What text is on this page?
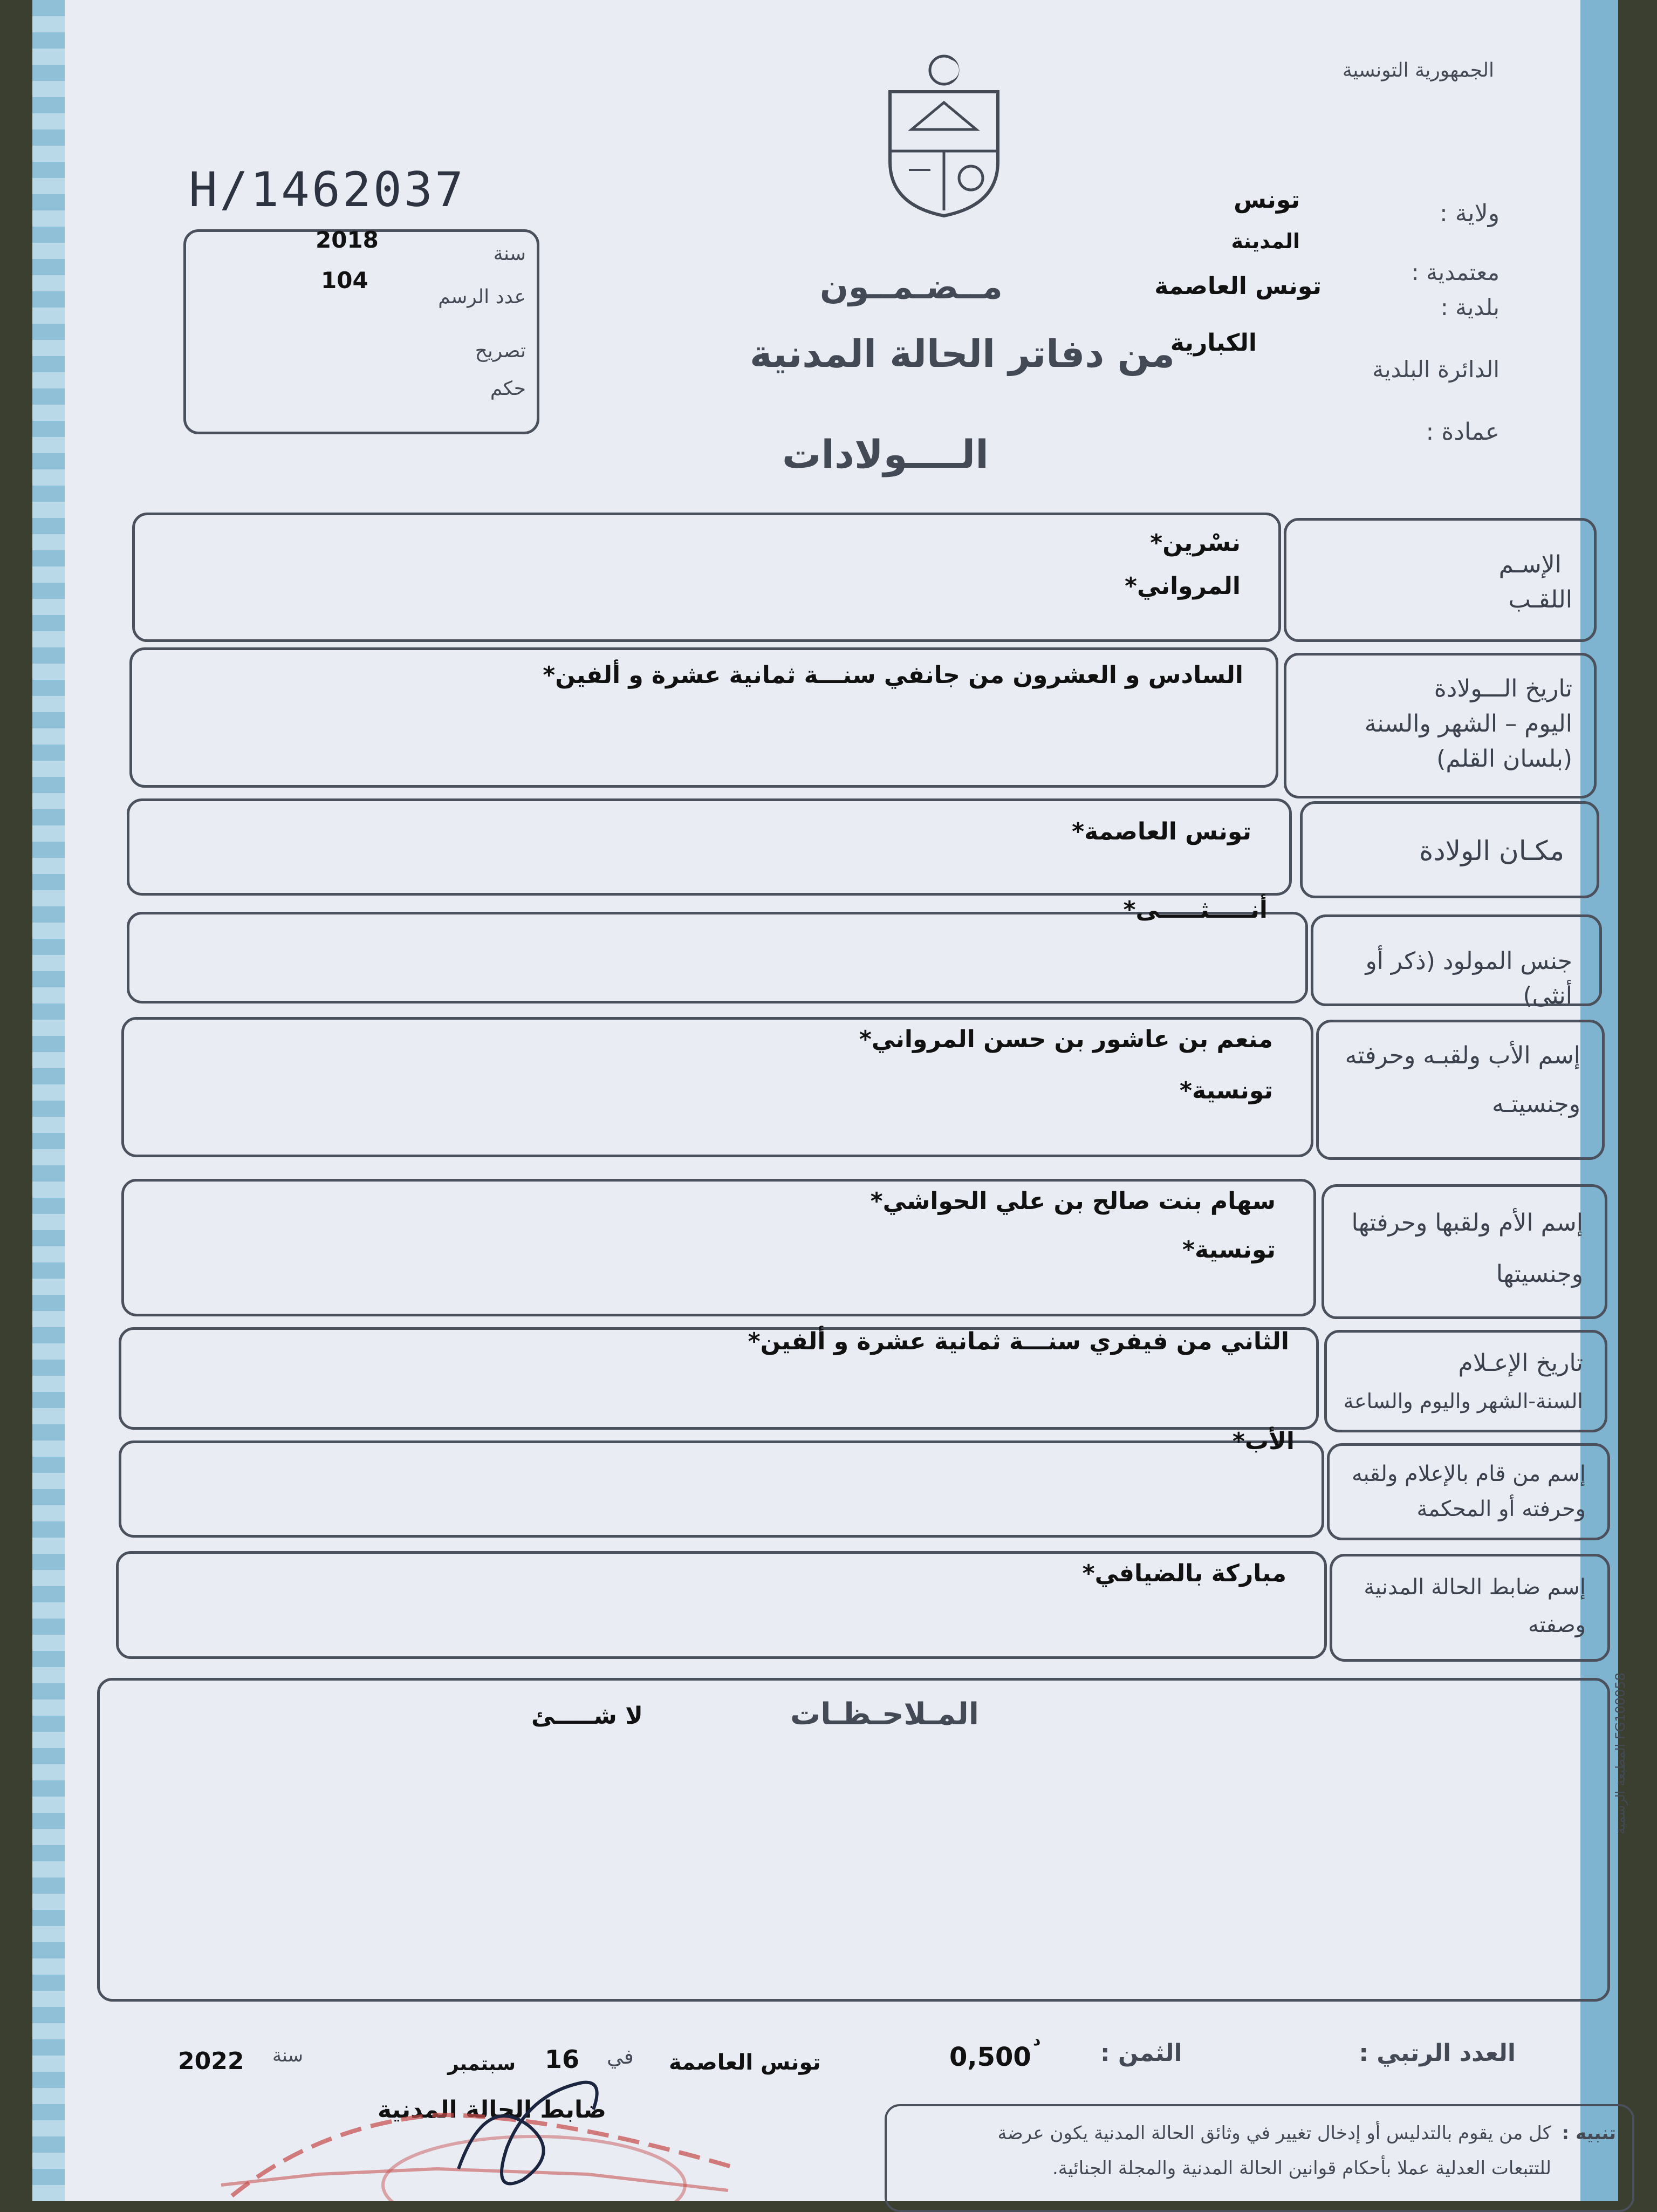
الجمهورية التونسية
H/1462037
2018
سنة
104
عدد الرسم
تصريح
حكم
ولاية :
تونس
المدينة
معتمدية :
تونس العاصمة
بلدية :
الكبارية
الدائرة البلدية
عمادة :
مــضـمــون
من دفاتر الحالة المدنية
الــــولادات
الإسـم
اللقـب
نسْرين*
المرواني*
تاريخ الـــولادة
اليوم – الشهر والسنة
(بلسان القلم)
السادس و العشرون من جانفي سنـــة ثمانية عشرة و ألفين*
مكـان الولادة
تونس العاصمة*
جنس المولود (ذكر أو أنثى)
أنـــــثـــــى*
إسم الأب ولقبـه وحرفته
وجنسيتـه
منعم بن عاشور بن حسن المرواني*
تونسية*
إسم الأم ولقبها وحرفتها
وجنسيتها
سهام بنت صالح بن علي الحواشي*
تونسية*
تاريخ الإعـلام
السنة-الشهر واليوم والساعة
الثاني من فيفري سنـــة ثمانية عشرة و ألفين*
إسم من قام بالإعلام ولقبه
وحرفته أو المحكمة
الأب*
إسم ضابط الحالة المدنية
وصفته
مباركة بالضيافي*
المـلاحـظـات
لا شـــــئ
المطبعة الرسمية FG100058
العدد الرتبي :
الثمن :
0,500
د
تونس العاصمة
في
16
سبتمبر
سنة
2022
ضابط الحالة المدنية
تنبيه :
كل من يقوم بالتدليس أو إدخال تغيير في وثائق الحالة المدنية يكون عرضة
للتتبعات العدلية عملا بأحكام قوانين الحالة المدنية والمجلة الجنائية.
